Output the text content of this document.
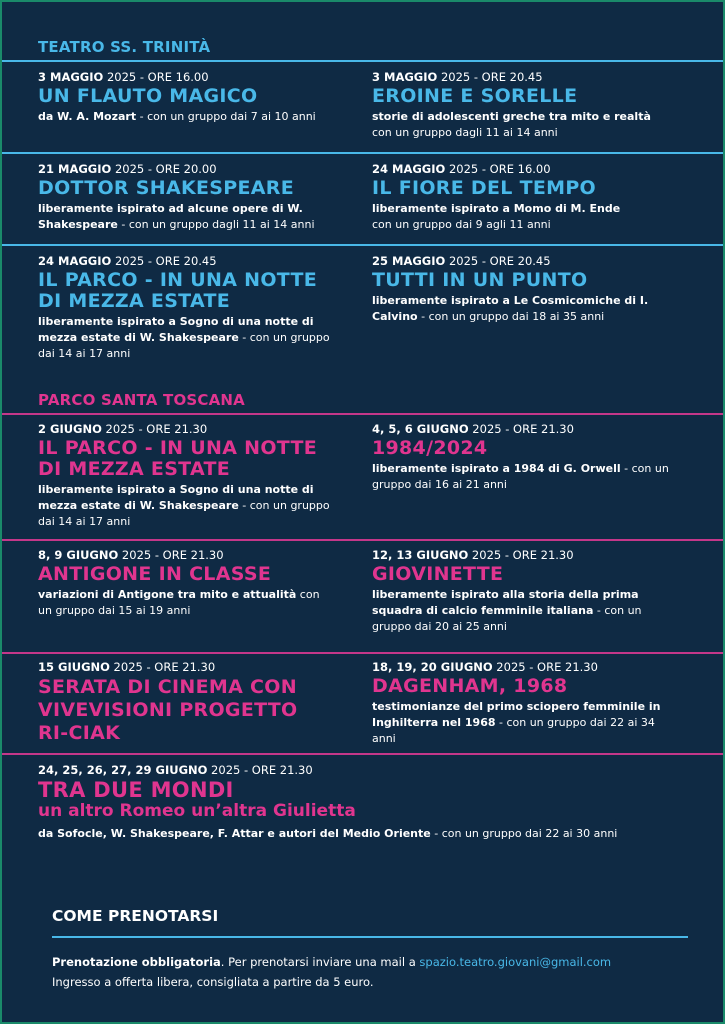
TEATRO SS. TRINITÀ
3 MAGGIO 2025 - ORE 16.00
UN FLAUTO MAGICO
da W. A. Mozart - con un gruppo dai 7 ai 10 anni
3 MAGGIO 2025 - ORE 20.45
EROINE E SORELLE
storie di adolescenti greche tra mito e realtà con un gruppo dagli 11 ai 14 anni
21 MAGGIO 2025 - ORE 20.00
DOTTOR SHAKESPEARE
liberamente ispirato ad alcune opere di W. Shakespeare - con un gruppo dagli 11 ai 14 anni
24 MAGGIO 2025 - ORE 16.00
IL FIORE DEL TEMPO
liberamente ispirato a Momo di M. Ende con un gruppo dai 9 agli 11 anni
24 MAGGIO 2025 - ORE 20.45
IL PARCO - IN UNA NOTTE DI MEZZA ESTATE
liberamente ispirato a Sogno di una notte di mezza estate di W. Shakespeare - con un gruppo dai 14 ai 17 anni
25 MAGGIO 2025 - ORE 20.45
TUTTI IN UN PUNTO
liberamente ispirato a Le Cosmicomiche di I. Calvino - con un gruppo dai 18 ai 35 anni
PARCO SANTA TOSCANA
2 GIUGNO 2025 - ORE 21.30
IL PARCO - IN UNA NOTTE DI MEZZA ESTATE
liberamente ispirato a Sogno di una notte di mezza estate di W. Shakespeare - con un gruppo dai 14 ai 17 anni
4, 5, 6 GIUGNO 2025 - ORE 21.30
1984/2024
liberamente ispirato a 1984 di G. Orwell - con un gruppo dai 16 ai 21 anni
8, 9 GIUGNO 2025 - ORE 21.30
ANTIGONE IN CLASSE
variazioni di Antigone tra mito e attualità con un gruppo dai 15 ai 19 anni
12, 13 GIUGNO 2025 - ORE 21.30
GIOVINETTE
liberamente ispirato alla storia della prima squadra di calcio femminile italiana - con un gruppo dai 20 ai 25 anni
15 GIUGNO 2025 - ORE 21.30
SERATA DI CINEMA CON VIVEVISIONI PROGETTO RI-CIAK
18, 19, 20 GIUGNO 2025 - ORE 21.30
DAGENHAM, 1968
testimonianze del primo sciopero femminile in Inghilterra nel 1968 - con un gruppo dai 22 ai 34 anni
24, 25, 26, 27, 29 GIUGNO 2025 - ORE 21.30
TRA DUE MONDI
un altro Romeo un’altra Giulietta
da Sofocle, W. Shakespeare, F. Attar e autori del Medio Oriente - con un gruppo dai 22 ai 30 anni
COME PRENOTARSI
Prenotazione obbligatoria. Per prenotarsi inviare una mail a spazio.teatro.giovani@gmail.com
Ingresso a offerta libera, consigliata a partire da 5 euro.
